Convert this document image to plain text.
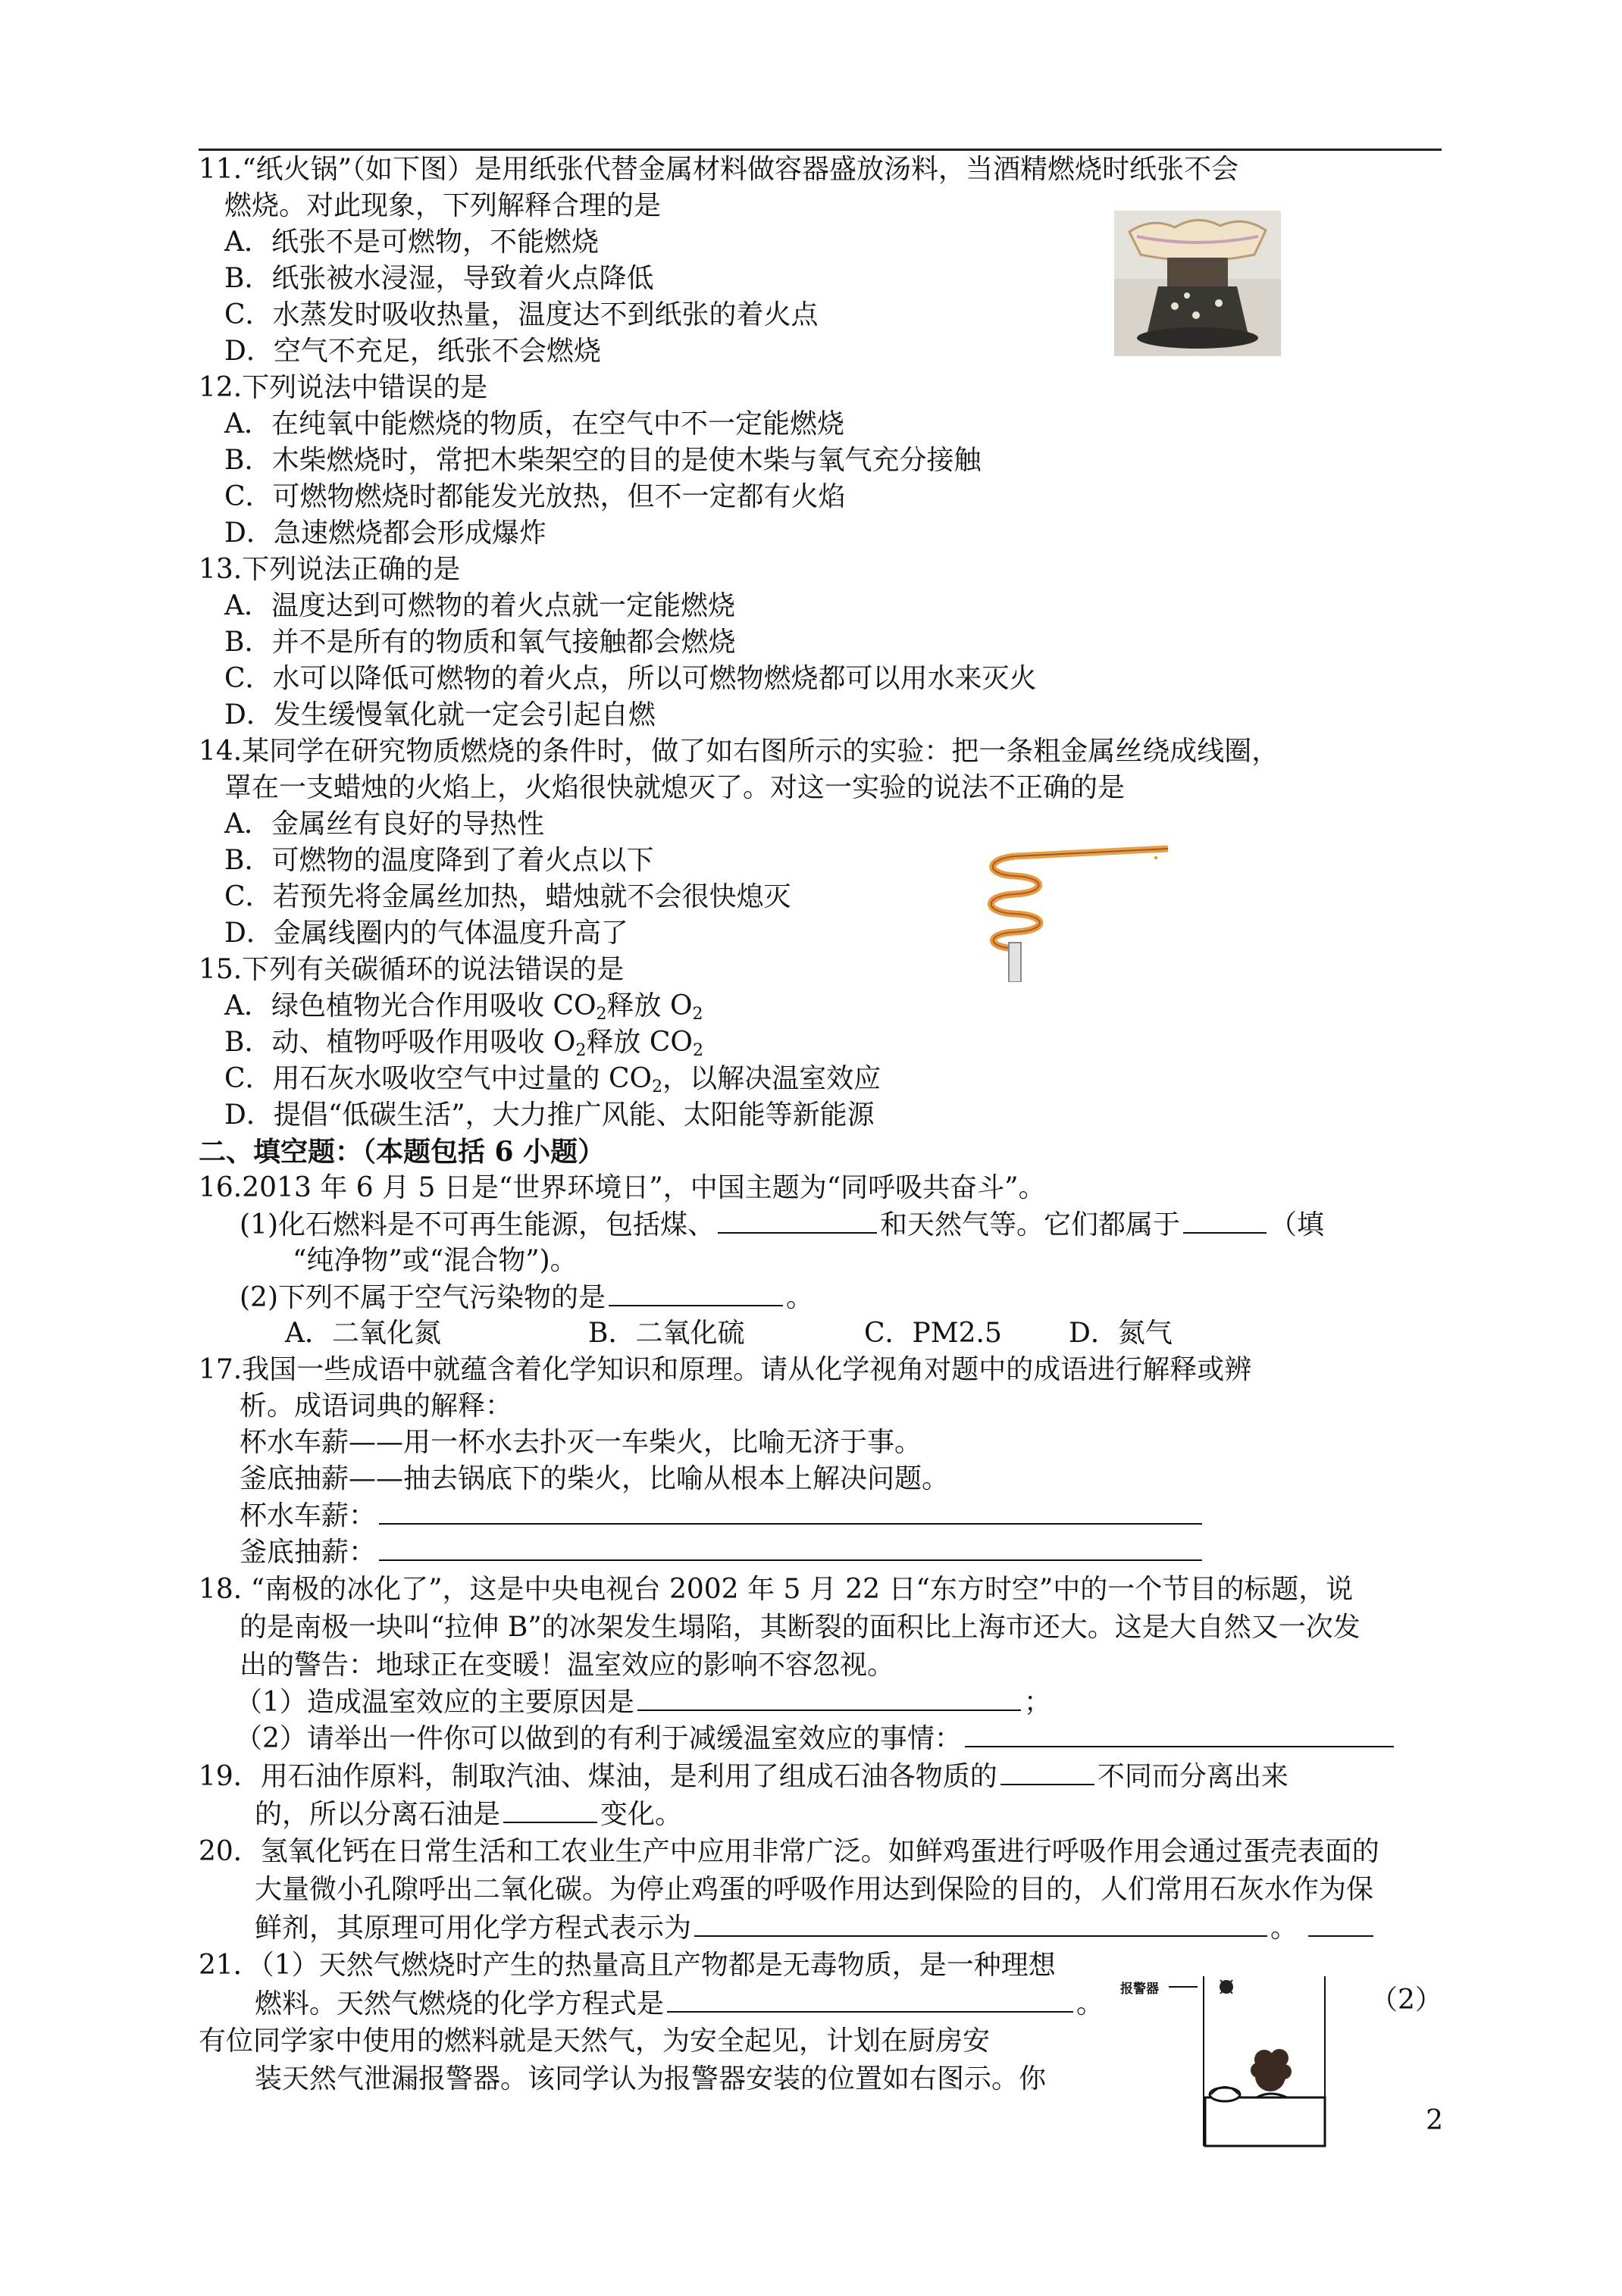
11.“纸火锅”（如下图）是用纸张代替金属材料做容器盛放汤料，当酒精燃烧时纸张不会
燃烧。对此现象，下列解释合理的是
A．纸张不是可燃物，不能燃烧
B．纸张被水浸湿，导致着火点降低
C．水蒸发时吸收热量，温度达不到纸张的着火点
D．空气不充足，纸张不会燃烧
12.下列说法中错误的是
A．在纯氧中能燃烧的物质，在空气中不一定能燃烧
B．木柴燃烧时，常把木柴架空的目的是使木柴与氧气充分接触
C．可燃物燃烧时都能发光放热，但不一定都有火焰
D．急速燃烧都会形成爆炸
13.下列说法正确的是
A．温度达到可燃物的着火点就一定能燃烧
B．并不是所有的物质和氧气接触都会燃烧
C．水可以降低可燃物的着火点，所以可燃物燃烧都可以用水来灭火
D．发生缓慢氧化就一定会引起自燃
14.某同学在研究物质燃烧的条件时，做了如右图所示的实验：把一条粗金属丝绕成线圈，
罩在一支蜡烛的火焰上，火焰很快就熄灭了。对这一实验的说法不正确的是
A．金属丝有良好的导热性
B．可燃物的温度降到了着火点以下
C．若预先将金属丝加热，蜡烛就不会很快熄灭
D．金属线圈内的气体温度升高了
15.下列有关碳循环的说法错误的是
A．绿色植物光合作用吸收 $CO_2$释放 $O_2$
B．动、植物呼吸作用吸收 $O_2$释放 $CO_2$
C．用石灰水吸收空气中过量的 $CO_2$，以解决温室效应
D．提倡“低碳生活”，大力推广风能、太阳能等新能源
二、填空题：（本题包括 6 小题）
16.2013 年 6 月 5 日是“世界环境日”，中国主题为“同呼吸共奋斗”。
(1)化石燃料是不可再生能源，包括煤、	和天然气等。它们都属于	（填
“纯净物”或“混合物”)。
(2)下列不属于空气污染物的是	。
A．二氧化氮	B．二氧化硫	C．PM2.5 D．氮气
17.我国一些成语中就蕴含着化学知识和原理。请从化学视角对题中的成语进行解释或辨
析。成语词典的解释：
杯水车薪——用一杯水去扑灭一车柴火，比喻无济于事。
釜底抽薪——抽去锅底下的柴火，比喻从根本上解决问题。
杯水车薪：
釜底抽薪：
18. “南极的冰化了”，这是中央电视台 2002 年 5 月 22 日“东方时空”中的一个节目的标题，说
的是南极一块叫“拉伸 B”的冰架发生塌陷，其断裂的面积比上海市还大。这是大自然又一次发
出的警告：地球正在变暖！温室效应的影响不容忽视。
（1）造成温室效应的主要原因是	；
（2）请举出一件你可以做到的有利于减缓温室效应的事情：
19．用石油作原料，制取汽油、煤油，是利用了组成石油各物质的	不同而分离出来
的，所以分离石油是	变化。
20．氢氧化钙在日常生活和工农业生产中应用非常广泛。如鲜鸡蛋进行呼吸作用会通过蛋壳表面的
大量微小孔隙呼出二氧化碳。为停止鸡蛋的呼吸作用达到保险的目的，人们常用石灰水作为保
鲜剂，其原理可用化学方程式表示为	。
21．（1）天然气燃烧时产生的热量高且产物都是无毒物质，是一种理想
燃料。天然气燃烧的化学方程式是	。	（2）
有位同学家中使用的燃料就是天然气，为安全起见，计划在厨房安
装天然气泄漏报警器。该同学认为报警器安装的位置如右图示。你
报警器
2
